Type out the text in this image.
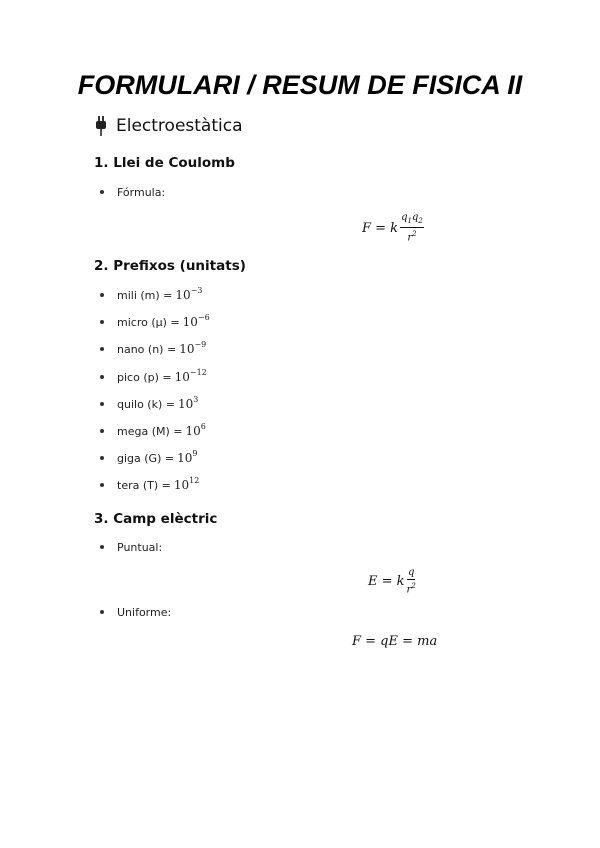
FORMULARI / RESUM DE FISICA II
Electroestàtica
1. Llei de Coulomb
Fórmula:
F = k $\frac{q_1q_2}{r^2}$
2. Prefixos (unitats)
mili $(m) = 10^{-3}$
micro $(\mu) = 10^{-6}$
nano $(n) = 10^{-9}$
pico $(p) = 10^{-12}$
quilo $(k) = 10^3$
mega $(M) = 10^6$
giga $(G) = 10^9$
tera $(T) = 10^{12}$
3. Camp elèctric
Puntual:
E = k $\frac{q}{r^2}$
Uniforme:
F = qE = ma
